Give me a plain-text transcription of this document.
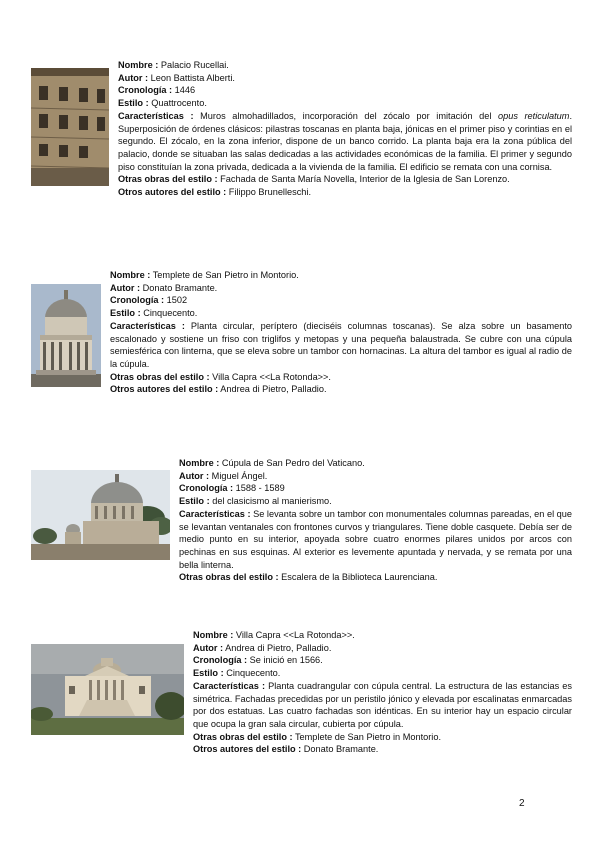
Nombre : Palacio Rucellai.

Autor : Leon Battista Alberti.

Cronología : 1446

Estilo : Quattrocento.

Características : Muros almohadillados, incorporación del zócalo por imitación del opus reticulatum. Superposición de órdenes clásicos: pilastras toscanas en planta baja, jónicas en el primer piso y corintias en el segundo. El zócalo, en la zona inferior, dispone de un banco corrido. La planta baja era la zona pública del palacio, donde se situaban las salas dedicadas a las actividades económicas de la familia. El primer y segundo piso constituían la zona privada, dedicada a la vivienda de la familia. El edificio se remata con una cornisa.

Otras obras del estilo : Fachada de Santa María Novella, Interior de la Iglesia de San Lorenzo.

Otros autores del estilo : Filippo Brunelleschi.

Nombre : Templete de San Pietro in Montorio.

Autor : Donato Bramante.

Cronología : 1502

Estilo : Cinquecento.

Características : Planta circular, períptero (dieciséis columnas toscanas). Se alza sobre un basamento escalonado y sostiene un friso con triglifos y metopas y una pequeña balaustrada. Se cubre con una cúpula semiesférica con linterna, que se eleva sobre un tambor con hornacinas. La altura del tambor es igual al radio de la cúpula.

Otras obras del estilo : Villa Capra <<La Rotonda>>.

Otros autores del estilo : Andrea di Pietro, Palladio.

Nombre : Cúpula de San Pedro del Vaticano.

Autor : Miguel Ángel.

Cronología : 1588 - 1589

Estilo : del clasicismo al manierismo.

Características : Se levanta sobre un tambor con monumentales columnas pareadas, en el que se levantan ventanales con frontones curvos y triangulares. Tiene doble casquete. Debía ser de medio punto en su interior, apoyada sobre cuatro enormes pilares unidos por arcos con pechinas en sus esquinas. Al exterior es levemente apuntada y nervada, y se remata por una bella linterna.

Otras obras del estilo : Escalera de la Biblioteca Laurenciana.

Nombre : Villa Capra <<La Rotonda>>.

Autor : Andrea di Pietro, Palladio.

Cronología : Se inició en 1566.

Estilo : Cinquecento.

Características : Planta cuadrangular con cúpula central. La estructura de las estancias es simétrica. Fachadas precedidas por un peristilo jónico y elevada por escalinatas enmarcadas por dos estatuas. Las cuatro fachadas son idénticas. En su interior hay un espacio circular que ocupa la gran sala circular, cubierta por cúpula.

Otras obras del estilo : Templete de San Pietro in Montorio.

Otros autores del estilo : Donato Bramante.

2
